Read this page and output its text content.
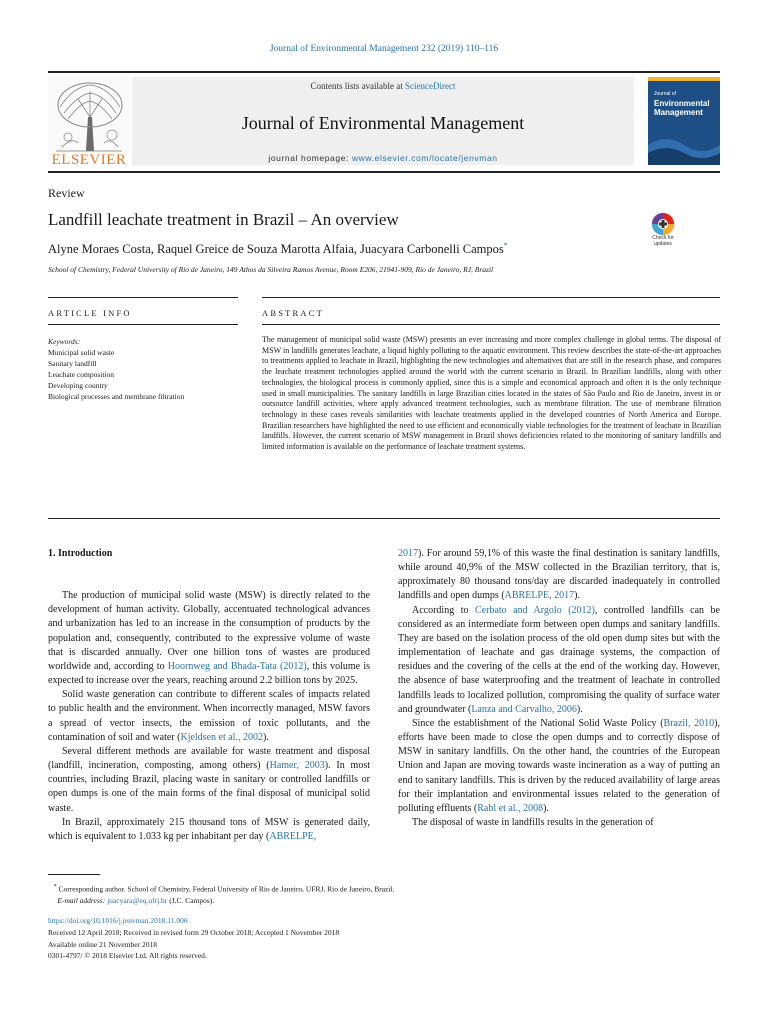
Journal of Environmental Management 232 (2019) 110–116
ELSEVIER
Contents lists available at ScienceDirect
Journal of Environmental Management
journal homepage: www.elsevier.com/locate/jenvman
Journal of
Environmental Management
Review
Landfill leachate treatment in Brazil – An overview
Alyne Moraes Costa, Raquel Greice de Souza Marotta Alfaia, Juacyara Carbonelli Campos*
Check for updates
School of Chemistry, Federal University of Rio de Janeiro, 149 Athos da Silveira Ramos Avenue, Room E206, 21941-909, Rio de Janeiro, RJ, Brazil
ARTICLE INFO	ABSTRACT
Keywords:
Municipal solid waste
Sanitary landfill
Leachate composition
Developing country
Biological processes and membrane filtration
The management of municipal solid waste (MSW) presents an ever increasing and more complex challenge in global terms. The disposal of MSW in landfills generates leachate, a liquid highly polluting to the aquatic environment. This review describes the state-of-the-art approaches to treatments applied to leachate in Brazil, highlighting the new technologies and alternatives that are still in the research phase, and compares the leachate treatment technologies applied around the world with the current scenario in Brazil. In Brazilian landfills, along with other technologies, the biological process is commonly applied, since this is a simple and economical approach and often it is the only technique used in small municipalities. The sanitary landfills in large Brazilian cities located in the states of São Paulo and Rio de Janeiro, invest in or outsource landfill activities, where apply advanced treatment technologies, such as membrane filtration. The use of membrane filtration technology in these cases reveals similarities with leachate treatments applied in the developed countries of North America and Europe. Brazilian researchers have highlighted the need to use efficient and economically viable technologies for the treatment of leachate in Brazilian landfills. However, the current scenario of MSW management in Brazil shows deficiencies related to the monitoring of sanitary landfills and limited information is available on the performance of leachate treatment systems.
1. Introduction

The production of municipal solid waste (MSW) is directly related to the development of human activity. Globally, accentuated technological advances and urbanization has led to an increase in the consumption of products by the population and, consequently, contributed to the expressive volume of waste that is discarded annually. Over one billion tons of wastes are produced worldwide and, according to Hoornweg and Bhada-Tata (2012), this volume is expected to increase over the years, reaching around 2.2 billion tons by 2025.

Solid waste generation can contribute to different scales of impacts related to public health and the environment. When incorrectly managed, MSW favors a spread of vector insects, the emission of toxic pollutants, and the contamination of soil and water (Kjeldsen et al., 2002).

Several different methods are available for waste treatment and disposal (landfill, incineration, composting, among others) (Hamer, 2003). In most countries, including Brazil, placing waste in sanitary or controlled landfills or open dumps is one of the main forms of the final disposal of municipal solid waste.

In Brazil, approximately 215 thousand tons of MSW is generated daily, which is equivalent to 1.033 kg per inhabitant per day (ABRELPE,

2017). For around 59,1% of this waste the final destination is sanitary landfills, while around 40,9% of the MSW collected in the Brazilian territory, that is, approximately 80 thousand tons/day are discarded inadequately in controlled landfills and open dumps (ABRELPE, 2017).

According to Cerbato and Argolo (2012), controlled landfills can be considered as an intermediate form between open dumps and sanitary landfills. They are based on the isolation process of the old open dump sites but with the implementation of leachate and gas drainage systems, the compaction of residues and the covering of the cells at the end of the working day. However, the absence of base waterproofing and the treatment of leachate in controlled landfills leads to localized pollution, compromising the quality of surface water and groundwater (Lanza and Carvalho, 2006).

Since the establishment of the National Solid Waste Policy (Brazil, 2010), efforts have been made to close the open dumps and to correctly dispose of MSW in sanitary landfills. On the other hand, the countries of the European Union and Japan are moving towards waste incineration as a way of putting an end to sanitary landfills. This is driven by the reduced availability of large areas for their implantation and environmental issues related to the generation of polluting effluents (Rabl et al., 2008).

The disposal of waste in landfills results in the generation of

* Corresponding author. School of Chemistry, Federal University of Rio de Janeiro, UFRJ, Rio de Janeiro, Brazil.
E-mail address: juacyara@eq.ufrj.br (J.C. Campos).
https://doi.org/10.1016/j.jenvman.2018.11.006
Received 12 April 2018; Received in revised form 29 October 2018; Accepted 1 November 2018
Available online 21 November 2018
0301-4797/ © 2018 Elsevier Ltd. All rights reserved.
